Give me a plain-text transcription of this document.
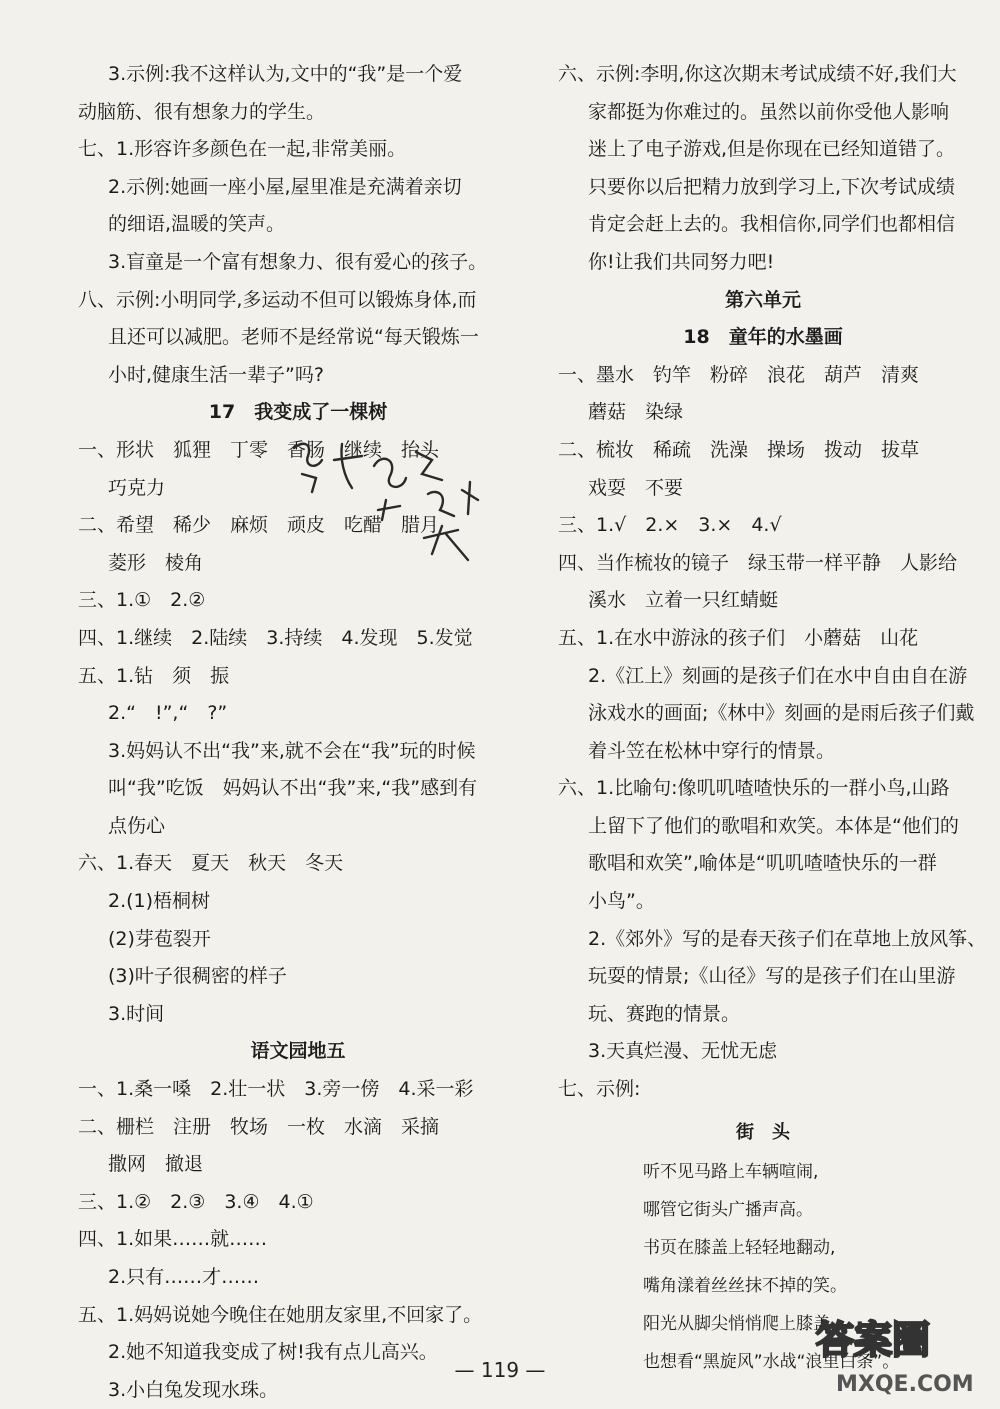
3.示例:我不这样认为,文中的“我”是一个爱
动脑筋、很有想象力的学生。
七、1.形容许多颜色在一起,非常美丽。
2.示例:她画一座小屋,屋里准是充满着亲切
的细语,温暖的笑声。
3.盲童是一个富有想象力、很有爱心的孩子。
八、示例:小明同学,多运动不但可以锻炼身体,而
且还可以减肥。老师不是经常说“每天锻炼一
小时,健康生活一辈子”吗?
17　我变成了一棵树
一、形状　狐狸　丁零　香肠　继续　抬头
巧克力
二、希望　稀少　麻烦　顽皮　吃醋　腊月
菱形　棱角
三、1.①　2.②
四、1.继续　2.陆续　3.持续　4.发现　5.发觉
五、1.钻　须　振
2.“　!”,“　?”
3.妈妈认不出“我”来,就不会在“我”玩的时候
叫“我”吃饭　妈妈认不出“我”来,“我”感到有
点伤心
六、1.春天　夏天　秋天　冬天
2.(1)梧桐树
(2)芽苞裂开
(3)叶子很稠密的样子
3.时间
语文园地五
一、1.桑一嗓　2.壮一状　3.旁一傍　4.采一彩
二、栅栏　注册　牧场　一枚　水滴　采摘
撒网　撤退
三、1.②　2.③　3.④　4.①
四、1.如果……就……
2.只有……才……
五、1.妈妈说她今晚住在她朋友家里,不回家了。
2.她不知道我变成了树!我有点儿高兴。
3.小白兔发现水珠。
六、示例:李明,你这次期末考试成绩不好,我们大
家都挺为你难过的。虽然以前你受他人影响
迷上了电子游戏,但是你现在已经知道错了。
只要你以后把精力放到学习上,下次考试成绩
肯定会赶上去的。我相信你,同学们也都相信
你!让我们共同努力吧!
第六单元
18　童年的水墨画
一、墨水　钓竿　粉碎　浪花　葫芦　清爽
蘑菇　染绿
二、梳妆　稀疏　洗澡　操场　拨动　拔草
戏耍　不要
三、1.√　2.×　3.×　4.√
四、当作梳妆的镜子　绿玉带一样平静　人影给
溪水　立着一只红蜻蜓
五、1.在水中游泳的孩子们　小蘑菇　山花
2.《江上》刻画的是孩子们在水中自由自在游
泳戏水的画面;《林中》刻画的是雨后孩子们戴
着斗笠在松林中穿行的情景。
六、1.比喻句:像叽叽喳喳快乐的一群小鸟,山路
上留下了他们的歌唱和欢笑。本体是“他们的
歌唱和欢笑”,喻体是“叽叽喳喳快乐的一群
小鸟”。
2.《郊外》写的是春天孩子们在草地上放风筝、
玩耍的情景;《山径》写的是孩子们在山里游
玩、赛跑的情景。
3.天真烂漫、无忧无虑
七、示例:
街　头
听不见马路上车辆喧闹,
哪管它街头广播声高。
书页在膝盖上轻轻地翻动,
嘴角漾着丝丝抹不掉的笑。
阳光从脚尖悄悄爬上膝盖,
也想看“黑旋风”水战“浪里白条”。
— 119 —
答案圈
MXQE.COM
